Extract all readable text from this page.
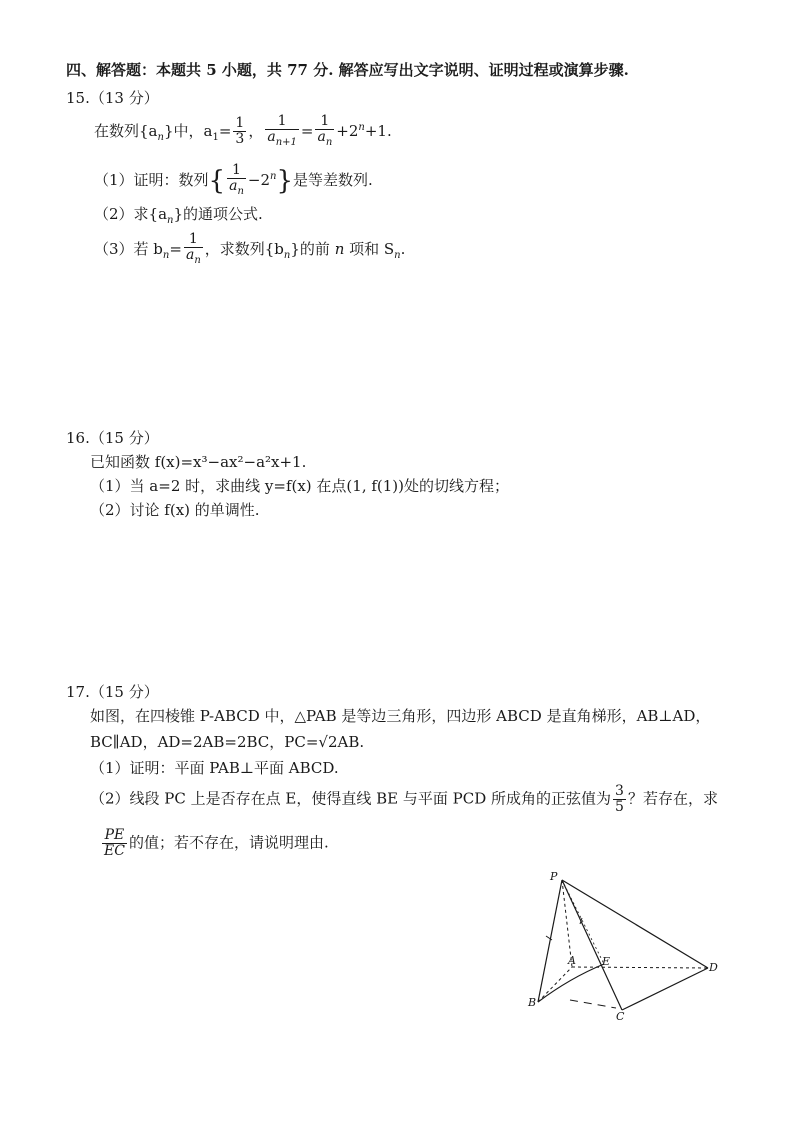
四、解答题：本题共 5 小题，共 77 分. 解答应写出文字说明、证明过程或演算步骤.
15.（13 分）
在数列$\{a_n\}$中，$a_1= \frac{1}{3}$ ， $\frac{1}{a_{n+1}} = \frac{1}{a_n} +2^n+1$.
（1）证明：数列{ $\frac{1}{a_n} -2^n$}是等差数列.
（2）求$\{a_n\}$的通项公式.
（3）若 $b_n= \frac{1}{a_n}$ ，求数列$\{b_n\}$的前 n 项和 $S_n$.
16.（15 分）
已知函数 f(x)=x³−ax²−a²x+1.
（1）当 a=2 时，求曲线 y=f(x) 在点(1, f(1))处的切线方程；
（2）讨论 f(x) 的单调性.
17.（15 分）
如图，在四棱锥 P-ABCD 中，△PAB 是等边三角形，四边形 ABCD 是直角梯形，AB⊥AD，
BC∥AD，AD=2AB=2BC，PC=√2AB.
（1）证明：平面 PAB⊥平面 ABCD.
（2）线段 PC 上是否存在点 E，使得直线 BE 与平面 PCD 所成角的正弦值为 $\frac{3}{5}$ ？若存在，求
$\frac{PE}{EC}$ 的值；若不存在，请说明理由.
P
A E	D
B
C
